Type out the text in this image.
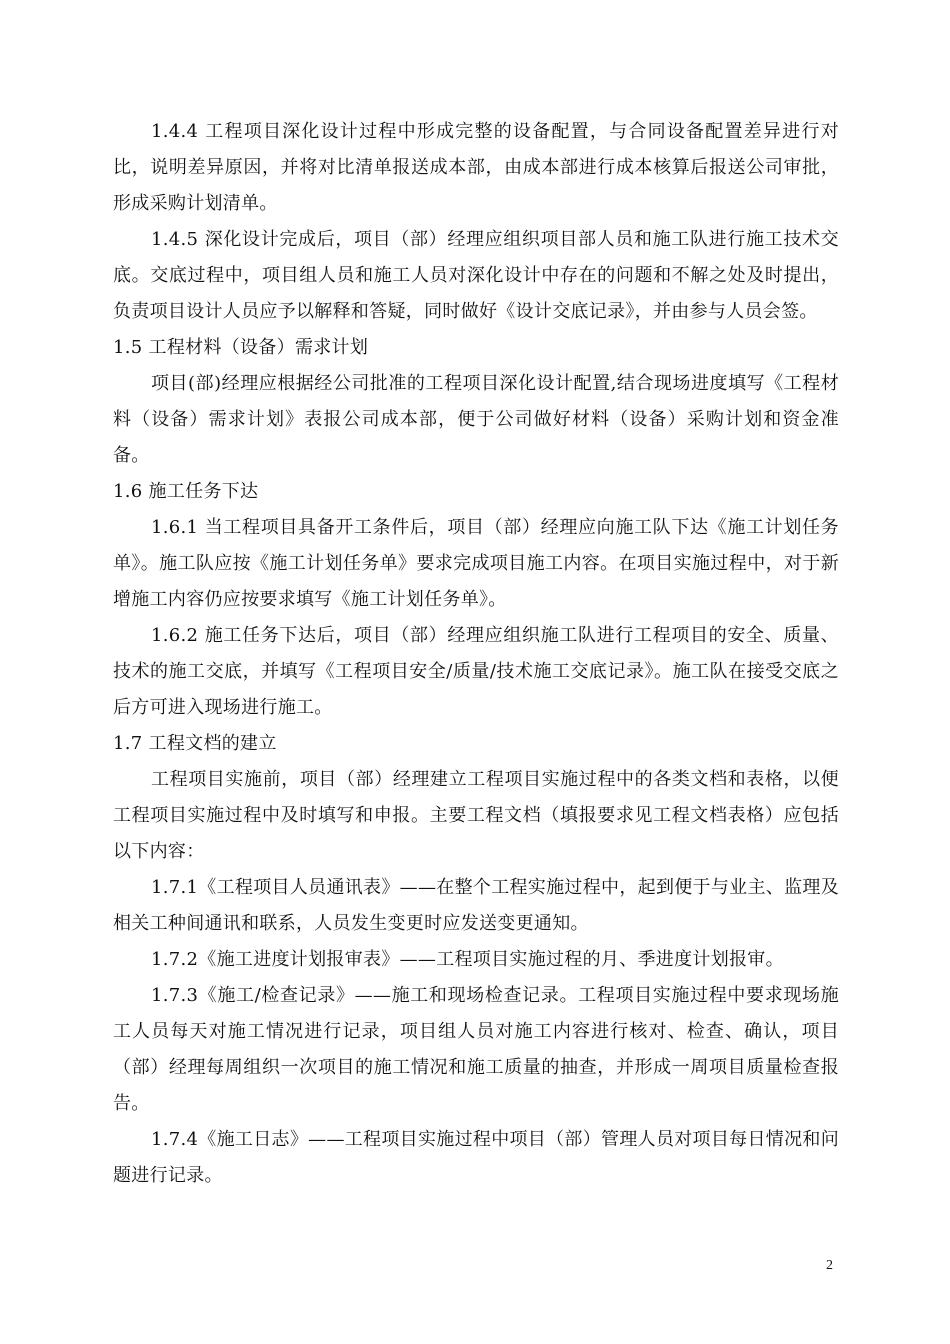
1.4.4 工程项目深化设计过程中形成完整的设备配置，与合同设备配置差异进行对比，说明差异原因，并将对比清单报送成本部，由成本部进行成本核算后报送公司审批，形成采购计划清单。

1.4.5 深化设计完成后，项目（部）经理应组织项目部人员和施工队进行施工技术交底。交底过程中，项目组人员和施工人员对深化设计中存在的问题和不解之处及时提出，负责项目设计人员应予以解释和答疑，同时做好《设计交底记录》，并由参与人员会签。

1.5 工程材料（设备）需求计划

项目(部)经理应根据经公司批准的工程项目深化设计配置,结合现场进度填写《工程材料（设备）需求计划》表报公司成本部，便于公司做好材料（设备）采购计划和资金准备。

1.6 施工任务下达

1.6.1 当工程项目具备开工条件后，项目（部）经理应向施工队下达《施工计划任务单》。施工队应按《施工计划任务单》要求完成项目施工内容。在项目实施过程中，对于新增施工内容仍应按要求填写《施工计划任务单》。

1.6.2 施工任务下达后，项目（部）经理应组织施工队进行工程项目的安全、质量、技术的施工交底，并填写《工程项目安全/质量/技术施工交底记录》。施工队在接受交底之后方可进入现场进行施工。

1.7 工程文档的建立

工程项目实施前，项目（部）经理建立工程项目实施过程中的各类文档和表格，以便工程项目实施过程中及时填写和申报。主要工程文档（填报要求见工程文档表格）应包括以下内容：

1.7.1《工程项目人员通讯表》——在整个工程实施过程中，起到便于与业主、监理及相关工种间通讯和联系，人员发生变更时应发送变更通知。

1.7.2《施工进度计划报审表》——工程项目实施过程的月、季进度计划报审。

1.7.3《施工/检查记录》——施工和现场检查记录。工程项目实施过程中要求现场施工人员每天对施工情况进行记录，项目组人员对施工内容进行核对、检查、确认，项目（部）经理每周组织一次项目的施工情况和施工质量的抽查，并形成一周项目质量检查报告。

1.7.4《施工日志》——工程项目实施过程中项目（部）管理人员对项目每日情况和问题进行记录。

2
